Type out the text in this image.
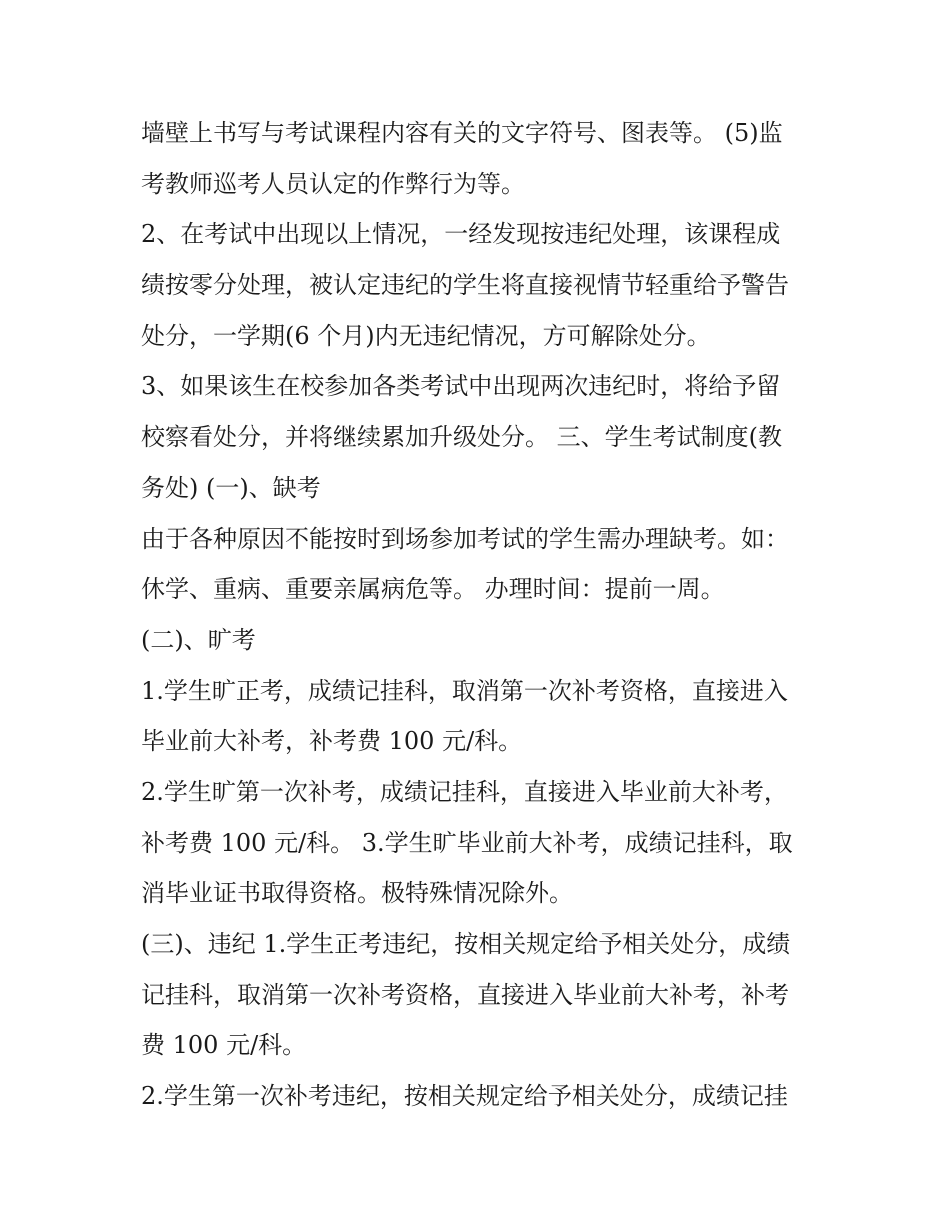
墙壁上书写与考试课程内容有关的文字符号、图表等。 (5)监
考教师巡考人员认定的作弊行为等。
2、在考试中出现以上情况，一经发现按违纪处理，该课程成
绩按零分处理，被认定违纪的学生将直接视情节轻重给予警告
处分，一学期(6 个月)内无违纪情况，方可解除处分。
3、如果该生在校参加各类考试中出现两次违纪时，将给予留
校察看处分，并将继续累加升级处分。 三、学生考试制度(教
务处) (一)、缺考
由于各种原因不能按时到场参加考试的学生需办理缺考。如：
休学、重病、重要亲属病危等。 办理时间：提前一周。
(二)、旷考
1.学生旷正考，成绩记挂科，取消第一次补考资格，直接进入
毕业前大补考，补考费 100 元/科。
2.学生旷第一次补考，成绩记挂科，直接进入毕业前大补考，
补考费 100 元/科。 3.学生旷毕业前大补考，成绩记挂科，取
消毕业证书取得资格。极特殊情况除外。
(三)、违纪 1.学生正考违纪，按相关规定给予相关处分，成绩
记挂科，取消第一次补考资格，直接进入毕业前大补考，补考
费 100 元/科。
2.学生第一次补考违纪，按相关规定给予相关处分，成绩记挂
